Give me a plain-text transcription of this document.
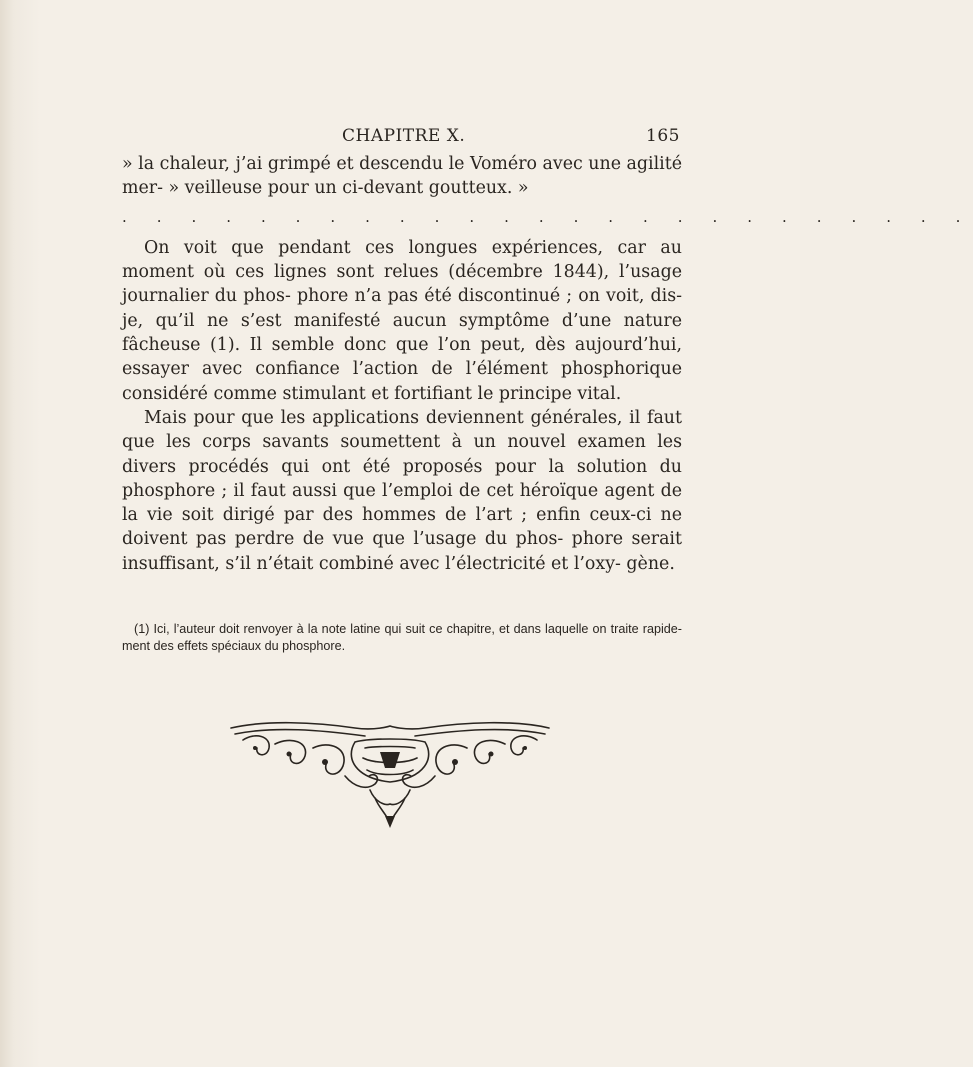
CHAPITRE X.	165

» la chaleur, j’ai grimpé et descendu le Voméro avec une agilité mer- » veilleuse pour un ci-devant goutteux. »

. . . . . . . . . . . . . . . . . . . . . . . . .

On voit que pendant ces longues expériences, car au moment où ces lignes sont relues (décembre 1844), l’usage journalier du phos- phore n’a pas été discontinué ; on voit, dis-je, qu’il ne s’est manifesté aucun symptôme d’une nature fâcheuse (1). Il semble donc que l’on peut, dès aujourd’hui, essayer avec confiance l’action de l’élément phosphorique considéré comme stimulant et fortifiant le principe vital.

Mais pour que les applications deviennent générales, il faut que les corps savants soumettent à un nouvel examen les divers procédés qui ont été proposés pour la solution du phosphore ; il faut aussi que l’emploi de cet héroïque agent de la vie soit dirigé par des hommes de l’art ; enfin ceux-ci ne doivent pas perdre de vue que l’usage du phos- phore serait insuffisant, s’il n’était combiné avec l’électricité et l’oxy- gène.

(1) Ici, l’auteur doit renvoyer à la note latine qui suit ce chapitre, et dans laquelle on traite rapide- ment des effets spéciaux du phosphore.
